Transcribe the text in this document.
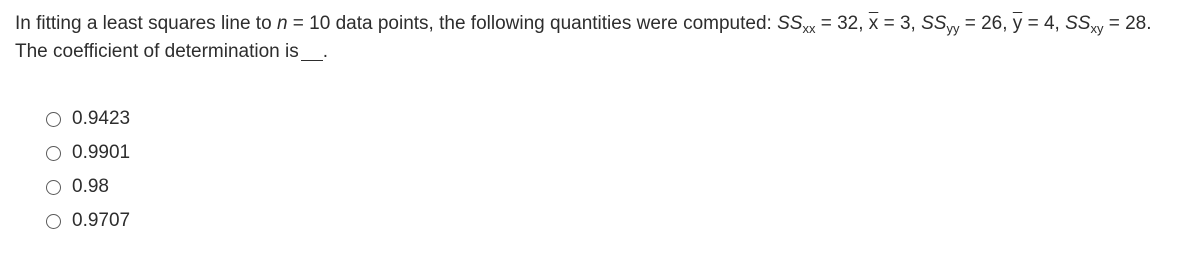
In fitting a least squares line to n = 10 data points, the following quantities were computed: $SS_{xx} = 32$, $\overline{x} = 3$, $SS_{yy} = 26$, $\overline{y} = 4$, $SS_{xy} = 28$.
The coefficient of determination is .
0.9423
0.9901
0.98
0.9707
